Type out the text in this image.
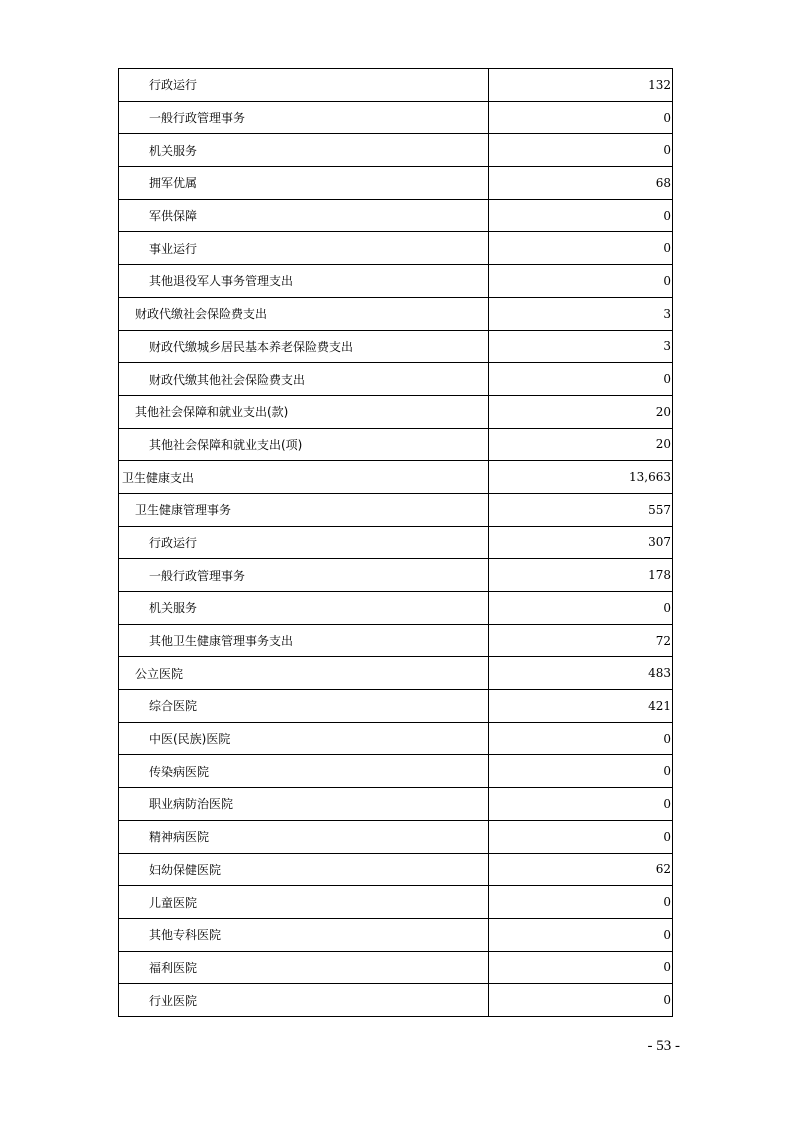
行政运行	132
一般行政管理事务	0
机关服务	0
拥军优属	68
军供保障	0
事业运行	0
其他退役军人事务管理支出	0
财政代缴社会保险费支出	3
财政代缴城乡居民基本养老保险费支出	3
财政代缴其他社会保险费支出	0
其他社会保障和就业支出(款)	20
其他社会保障和就业支出(项)	20
卫生健康支出	13,663
卫生健康管理事务	557
行政运行	307
一般行政管理事务	178
机关服务	0
其他卫生健康管理事务支出	72
公立医院	483
综合医院	421
中医(民族)医院	0
传染病医院	0
职业病防治医院	0
精神病医院	0
妇幼保健医院	62
儿童医院	0
其他专科医院	0
福利医院	0
行业医院	0
- 53 -
